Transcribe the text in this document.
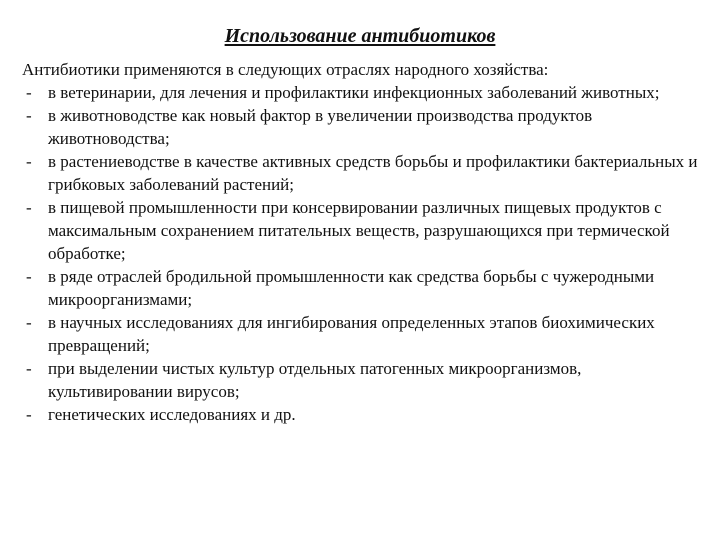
Использование антибиотиков

Антибиотики применяются в следующих отраслях народного хозяйства:

- в ветеринарии, для лечения и профилактики инфекционных заболеваний животных;
- в животноводстве как новый фактор в увеличении производства продуктов животноводства;
- в растениеводстве в качестве активных средств борьбы и профилактики бактериальных и грибковых заболеваний растений;
- в пищевой промышленности при консервировании различных пищевых продуктов с максимальным сохранением питательных веществ, разрушающихся при термической обработке;
- в ряде отраслей бродильной промышленности как средства борьбы с чужеродными микроорганизмами;
- в научных исследованиях для ингибирования определенных этапов биохимических превращений;
- при выделении чистых культур отдельных патогенных микроорганизмов, культивировании вирусов;
- генетических исследованиях и др.
